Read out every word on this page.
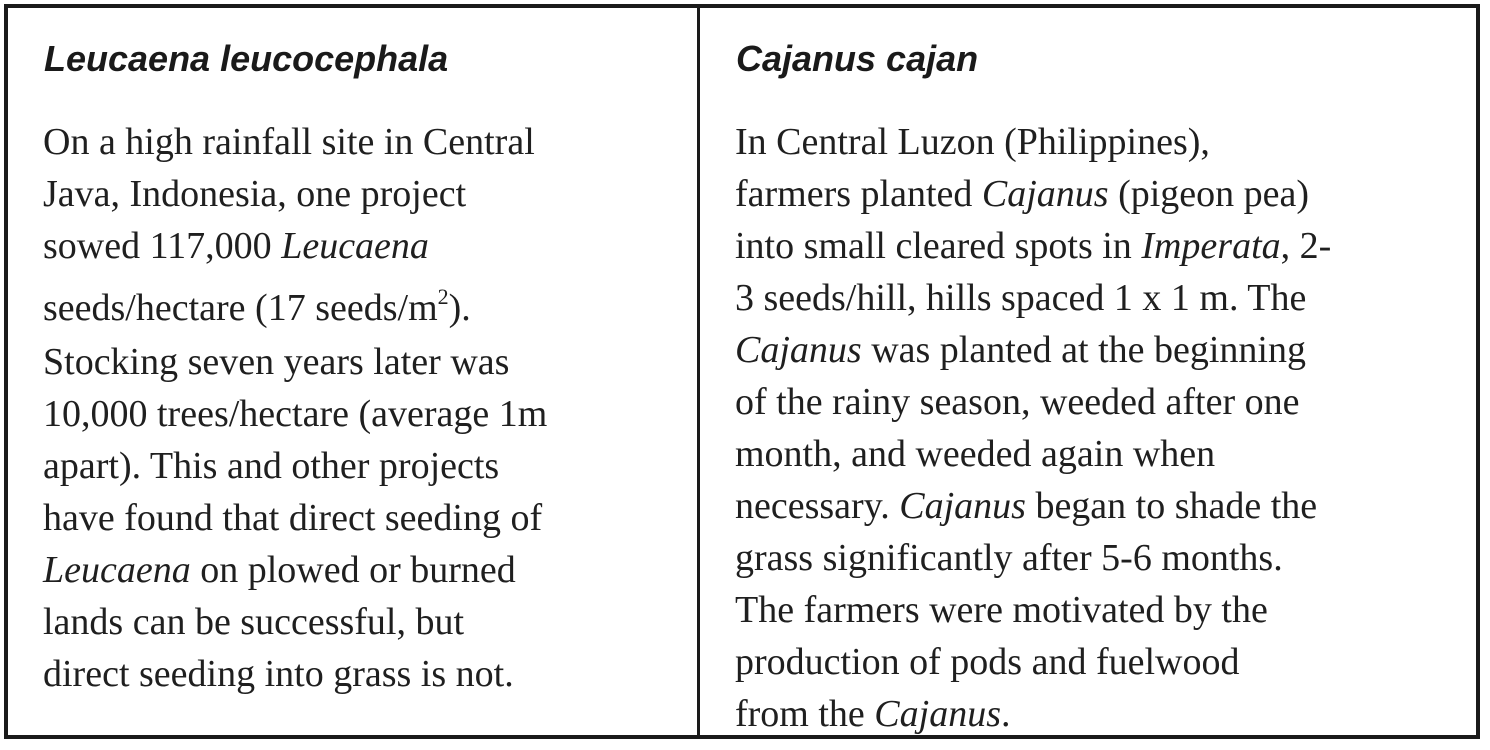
Leucaena leucocephala
On a high rainfall site in Central
Java, Indonesia, one project
sowed 117,000 Leucaena
seeds/hectare (17 seeds/$m^2$).
Stocking seven years later was
10,000 trees/hectare (average 1m
apart). This and other projects
have found that direct seeding of
Leucaena on plowed or burned
lands can be successful, but
direct seeding into grass is not.
Cajanus cajan
In Central Luzon (Philippines),
farmers planted Cajanus (pigeon pea)
into small cleared spots in Imperata, 2-
3 seeds/hill, hills spaced 1 x 1 m. The
Cajanus was planted at the beginning
of the rainy season, weeded after one
month, and weeded again when
necessary. Cajanus began to shade the
grass significantly after 5-6 months.
The farmers were motivated by the
production of pods and fuelwood
from the Cajanus.
